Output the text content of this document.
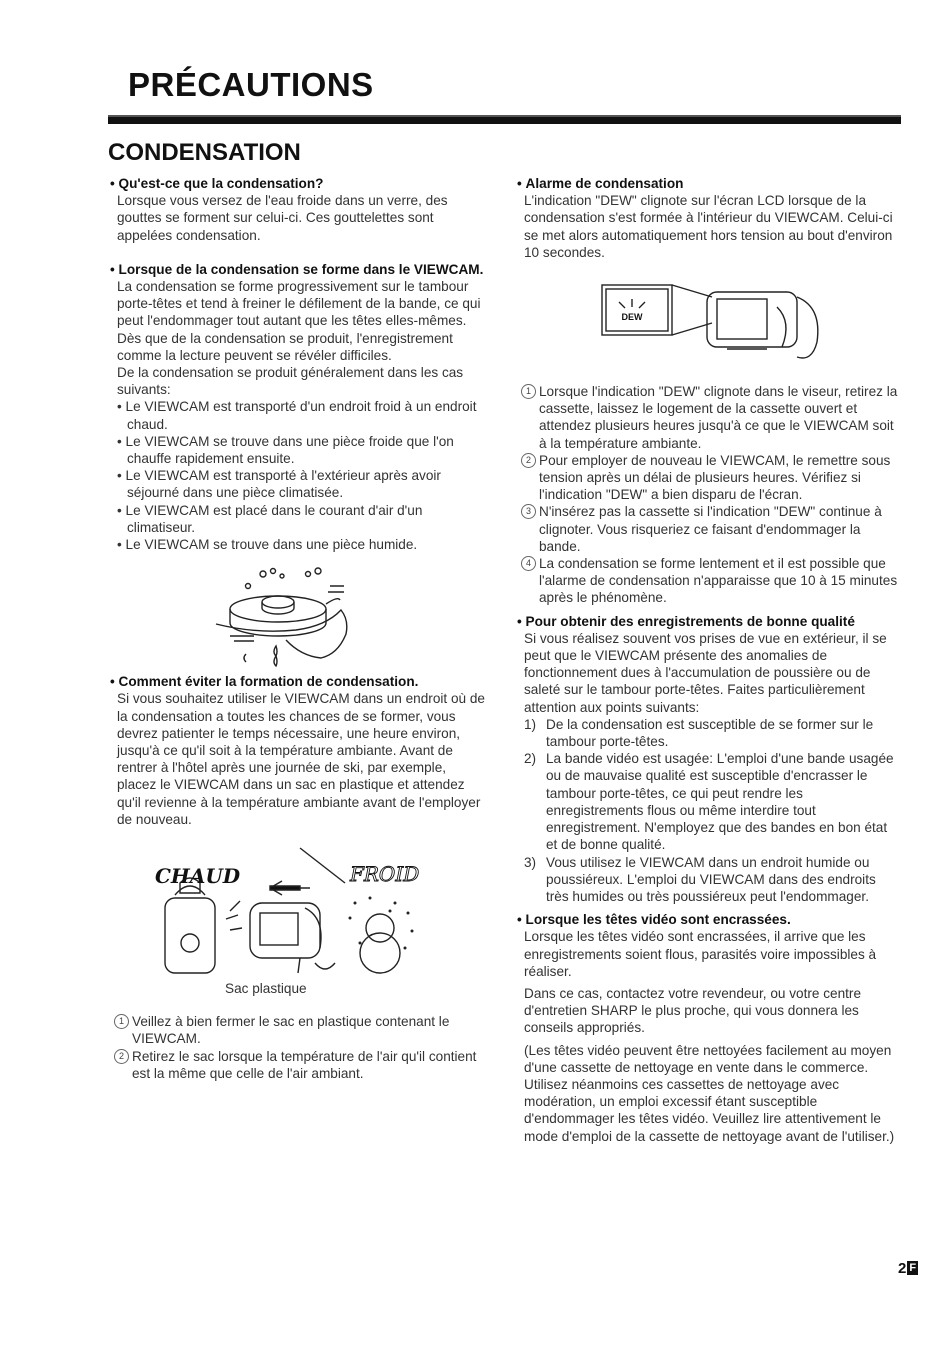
PRÉCAUTIONS
CONDENSATION
• Qu'est-ce que la condensation?

Lorsque vous versez de l'eau froide dans un verre, des gouttes se forment sur celui-ci. Ces gouttelettes sont appelées condensation.

• Lorsque de la condensation se forme dans le VIEWCAM.

La condensation se forme progressivement sur le tambour porte-têtes et tend à freiner le défilement de la bande, ce qui peut l'endommager tout autant que les têtes elles-mêmes. Dès que de la condensation se produit, l'enregistrement comme la lecture peuvent se révéler difficiles.

De la condensation se produit généralement dans les cas suivants:

• Le VIEWCAM est transporté d'un endroit froid à un endroit chaud.
• Le VIEWCAM se trouve dans une pièce froide que l'on chauffe rapidement ensuite.
• Le VIEWCAM est transporté à l'extérieur après avoir séjourné dans une pièce climatisée.
• Le VIEWCAM est placé dans le courant d'air d'un climatiseur.
• Le VIEWCAM se trouve dans une pièce humide.
• Comment éviter la formation de condensation.

Si vous souhaitez utiliser le VIEWCAM dans un endroit où de la condensation a toutes les chances de se former, vous devrez patienter le temps nécessaire, une heure environ, jusqu'à ce qu'il soit à la température ambiante. Avant de rentrer à l'hôtel après une journée de ski, par exemple, placez le VIEWCAM dans un sac en plastique et attendez qu'il revienne à la température ambiante avant de l'employer de nouveau.

CHAUD	FROID
Sac plastique
1 Veillez à bien fermer le sac en plastique contenant le VIEWCAM.
2 Retirez le sac lorsque la température de l'air qu'il contient est la même que celle de l'air ambiant.
• Alarme de condensation

L'indication "DEW" clignote sur l'écran LCD lorsque de la condensation s'est formée à l'intérieur du VIEWCAM. Celui-ci se met alors automatiquement hors tension au bout d'environ 10 secondes.

DEW
1 Lorsque l'indication "DEW" clignote dans le viseur, retirez la cassette, laissez le logement de la cassette ouvert et attendez plusieurs heures jusqu'à ce que le VIEWCAM soit à la température ambiante.
2 Pour employer de nouveau le VIEWCAM, le remettre sous tension après un délai de plusieurs heures. Vérifiez si l'indication "DEW" a bien disparu de l'écran.
3 N'insérez pas la cassette si l'indication "DEW" continue à clignoter. Vous risqueriez ce faisant d'endommager la bande.
4 La condensation se forme lentement et il est possible que l'alarme de condensation n'apparaisse que 10 à 15 minutes après le phénomène.
• Pour obtenir des enregistrements de bonne qualité

Si vous réalisez souvent vos prises de vue en extérieur, il se peut que le VIEWCAM présente des anomalies de fonctionnement dues à l'accumulation de poussière ou de saleté sur le tambour porte-têtes. Faites particulièrement attention aux points suivants:

1) De la condensation est susceptible de se former sur le tambour porte-têtes.
2) La bande vidéo est usagée: L'emploi d'une bande usagée ou de mauvaise qualité est susceptible d'encrasser le tambour porte-têtes, ce qui peut rendre les enregistrements flous ou même interdire tout enregistrement. N'employez que des bandes en bon état et de bonne qualité.
3) Vous utilisez le VIEWCAM dans un endroit humide ou poussiéreux. L'emploi du VIEWCAM dans des endroits très humides ou très poussiéreux peut l'endommager.
• Lorsque les têtes vidéo sont encrassées.

Lorsque les têtes vidéo sont encrassées, il arrive que les enregistrements soient flous, parasités voire impossibles à réaliser.

Dans ce cas, contactez votre revendeur, ou votre centre d'entretien SHARP le plus proche, qui vous donnera les conseils appropriés.

(Les têtes vidéo peuvent être nettoyées facilement au moyen d'une cassette de nettoyage en vente dans le commerce. Utilisez néanmoins ces cassettes de nettoyage avec modération, un emploi excessif étant susceptible d'endommager les têtes vidéo. Veuillez lire attentivement le mode d'emploi de la cassette de nettoyage avant de l'utiliser.)

2 F
